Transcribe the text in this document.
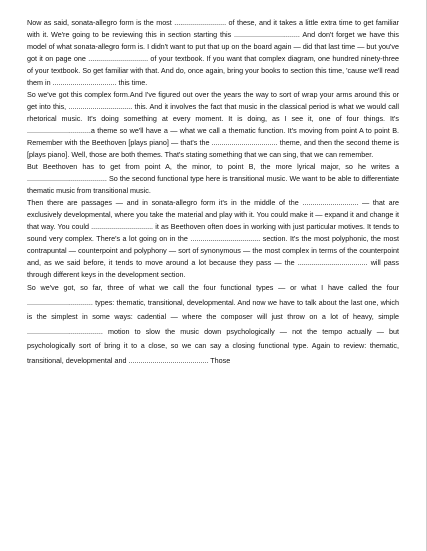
Now as said, sonata-allegro form is the most .......................... of these, and it takes a little extra time to get familiar with it. We're going to be reviewing this in section starting this ................................. And don't forget we have this model of what sonata-allegro form is. I didn't want to put that up on the board again — did that last time — but you've got it on page one .............................. of your textbook. If you want that complex diagram, one hundred ninety-three of your textbook. So get familiar with that. And do, once again, bring your books to section this time, 'cause we'll read them in ................................ this time.

So we've got this complex form.And I've figured out over the years the way to sort of wrap your arms around this or get into this, ................................ this. And it involves the fact that music in the classical period is what we would call rhetorical music. It's doing something at every moment. It is doing, as I see it, one of four things. It's ................................a theme so we'll have a — what we call a thematic function. It's moving from point A to point B. Remember with the Beethoven [plays piano] — that's the ................................. theme, and then the second theme is [plays piano]. Well, those are both themes. That's stating something that we can sing, that we can remember.

But Beethoven has to get from point A, the minor, to point B, the more lyrical major, so he writes a ........................................ So the second functional type here is transitional music. We want to be able to differentiate thematic music from transitional music.

Then there are passages — and in sonata-allegro form it's in the middle of the ............................ — that are exclusively developmental, where you take the material and play with it. You could make it — expand it and change it that way. You could ............................... it as Beethoven often does in working with just particular motives. It tends to sound very complex. There's a lot going on in the ................................... section. It's the most polyphonic, the most contrapuntal — counterpoint and polyphony — sort of synonymous — the most complex in terms of the counterpoint and, as we said before, it tends to move around a lot because they pass — the ................................... will pass through different keys in the development section.

So we've got, so far, three of what we call the four functional types — or what I have called the four ................................. types: thematic, transitional, developmental. And now we have to talk about the last one, which is the simplest in some ways: cadential — where the composer will just throw on a lot of heavy, simple ...................................... motion to slow the music down psychologically — not the tempo actually — but psychologically sort of bring it to a close, so we can say a closing functional type. Again to review: thematic, transitional, developmental and ........................................ Those
